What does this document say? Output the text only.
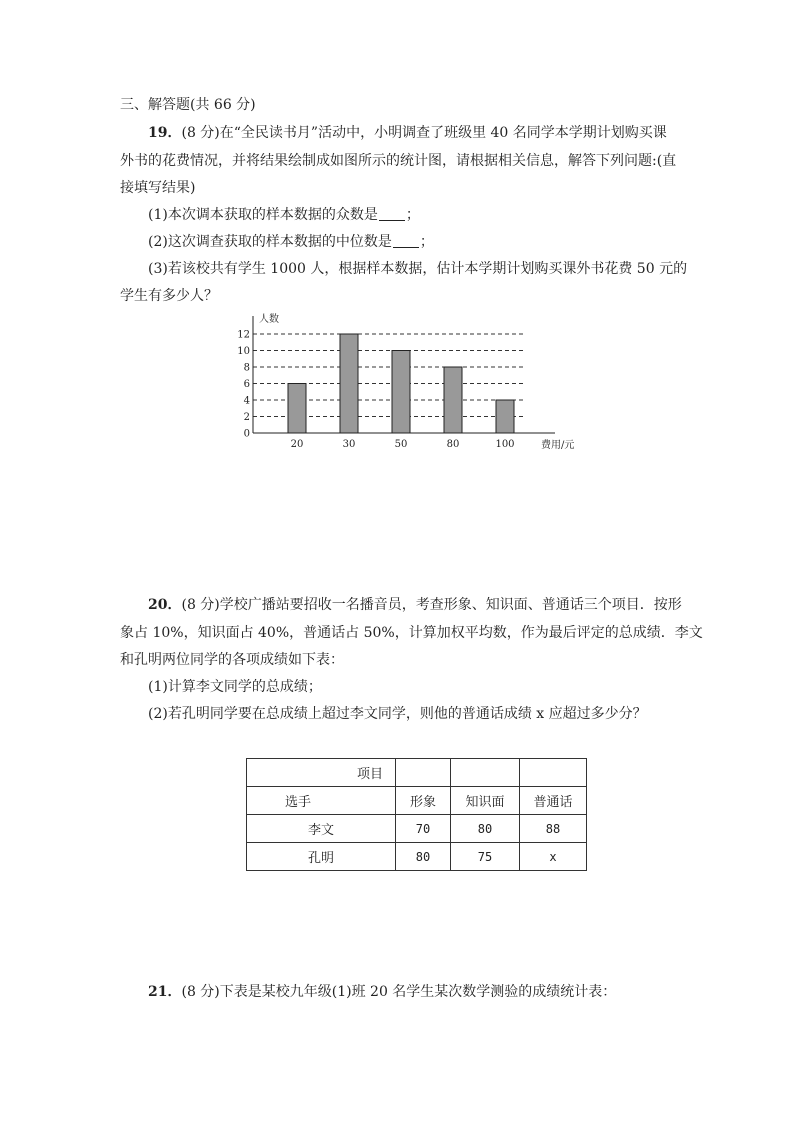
三、解答题(共 66 分)
19．(8 分)在“全民读书月”活动中，小明调查了班级里 40 名同学本学期计划购买课
外书的花费情况，并将结果绘制成如图所示的统计图，请根据相关信息，解答下列问题:(直
接填写结果)
(1)本次调本获取的样本数据的众数是 ；
(2)这次调查获取的样本数据的中位数是 ；
(3)若该校共有学生 1000 人，根据样本数据，估计本学期计划购买课外书花费 50 元的
学生有多少人？
0
2
4
6
8
10
12
人数
20	30	50	80	100	费用/元
20．(8 分)学校广播站要招收一名播音员，考查形象、知识面、普通话三个项目．按形
象占 10%，知识面占 40%，普通话占 50%，计算加权平均数，作为最后评定的总成绩．李文
和孔明两位同学的各项成绩如下表：
(1)计算李文同学的总成绩；
(2)若孔明同学要在总成绩上超过李文同学，则他的普通话成绩 x 应超过多少分？
项目			
选手	形象	知识面	普通话
李文	70	80	88
孔明	80	75	x
21．(8 分)下表是某校九年级(1)班 20 名学生某次数学测验的成绩统计表：
